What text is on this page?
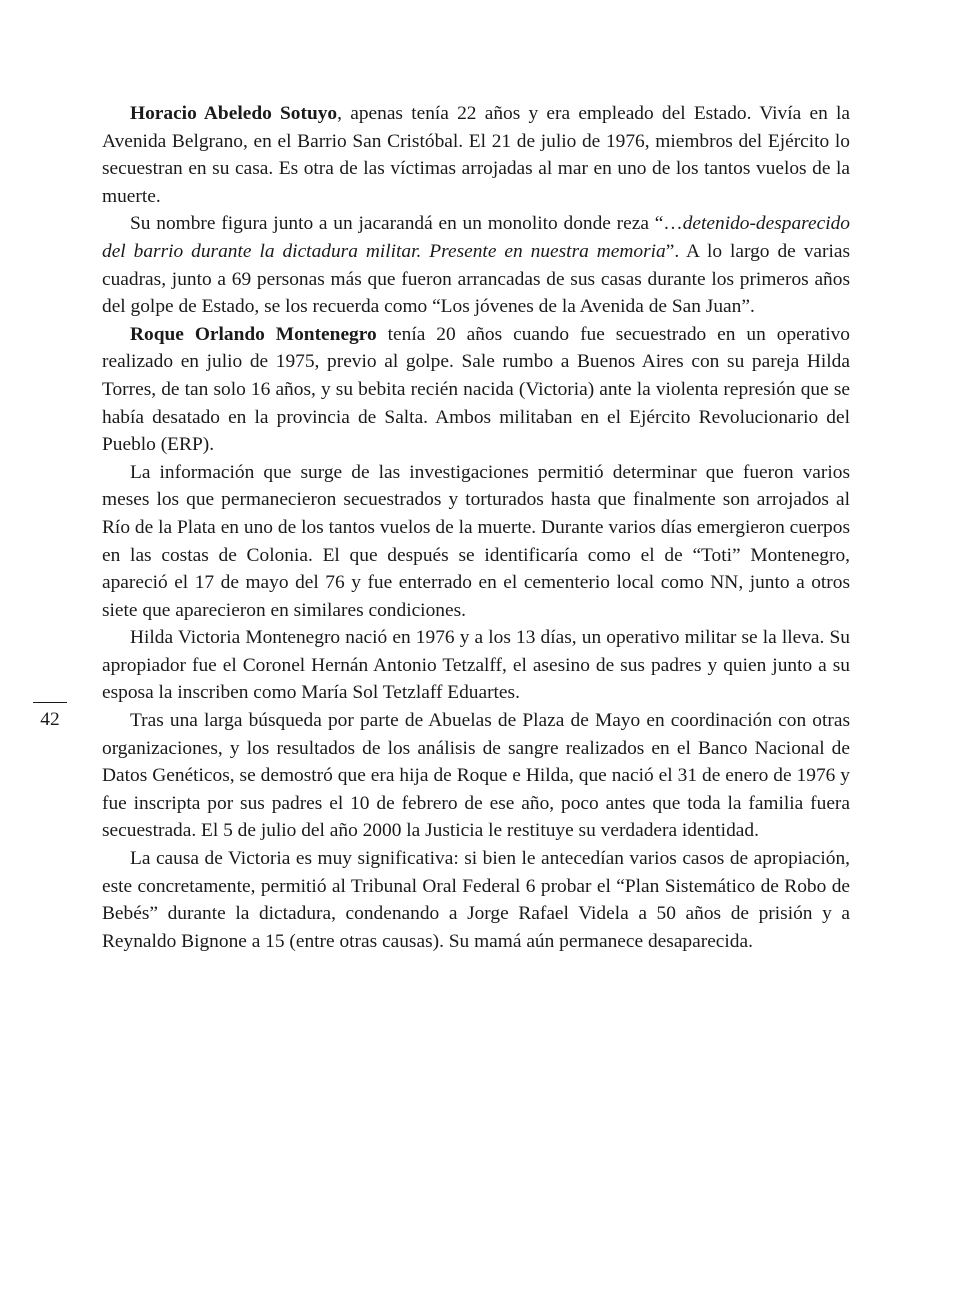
Horacio Abeledo Sotuyo, apenas tenía 22 años y era empleado del Estado. Vivía en la Avenida Belgrano, en el Barrio San Cristóbal. El 21 de julio de 1976, miembros del Ejército lo secuestran en su casa. Es otra de las víctimas arrojadas al mar en uno de los tantos vuelos de la muerte.

Su nombre figura junto a un jacarandá en un monolito donde reza “…detenido-desparecido del barrio durante la dictadura militar. Presente en nuestra memoria”. A lo largo de varias cuadras, junto a 69 personas más que fueron arrancadas de sus casas durante los primeros años del golpe de Estado, se los recuerda como “Los jóvenes de la Avenida de San Juan”.

Roque Orlando Montenegro tenía 20 años cuando fue secuestrado en un operativo realizado en julio de 1975, previo al golpe. Sale rumbo a Buenos Aires con su pareja Hilda Torres, de tan solo 16 años, y su bebita recién nacida (Victoria) ante la violenta represión que se había desatado en la provincia de Salta. Ambos militaban en el Ejército Revolucionario del Pueblo (ERP).

La información que surge de las investigaciones permitió determinar que fueron varios meses los que permanecieron secuestrados y torturados hasta que finalmente son arrojados al Río de la Plata en uno de los tantos vuelos de la muerte. Durante varios días emergieron cuerpos en las costas de Colonia. El que después se identificaría como el de “Toti” Montenegro, apareció el 17 de mayo del 76 y fue enterrado en el cementerio local como NN, junto a otros siete que aparecieron en similares condiciones.

Hilda Victoria Montenegro nació en 1976 y a los 13 días, un operativo militar se la lleva. Su apropiador fue el Coronel Hernán Antonio Tetzalff, el asesino de sus padres y quien junto a su esposa la inscriben como María Sol Tetzlaff Eduartes.

Tras una larga búsqueda por parte de Abuelas de Plaza de Mayo en coordinación con otras organizaciones, y los resultados de los análisis de sangre realizados en el Banco Nacional de Datos Genéticos, se demostró que era hija de Roque e Hilda, que nació el 31 de enero de 1976 y fue inscripta por sus padres el 10 de febrero de ese año, poco antes que toda la familia fuera secuestrada. El 5 de julio del año 2000 la Justicia le restituye su verdadera identidad.

La causa de Victoria es muy significativa: si bien le antecedían varios casos de apropiación, este concretamente, permitió al Tribunal Oral Federal 6 probar el “Plan Sistemático de Robo de Bebés” durante la dictadura, condenando a Jorge Rafael Videla a 50 años de prisión y a Reynaldo Bignone a 15 (entre otras causas). Su mamá aún permanece desaparecida.

42
